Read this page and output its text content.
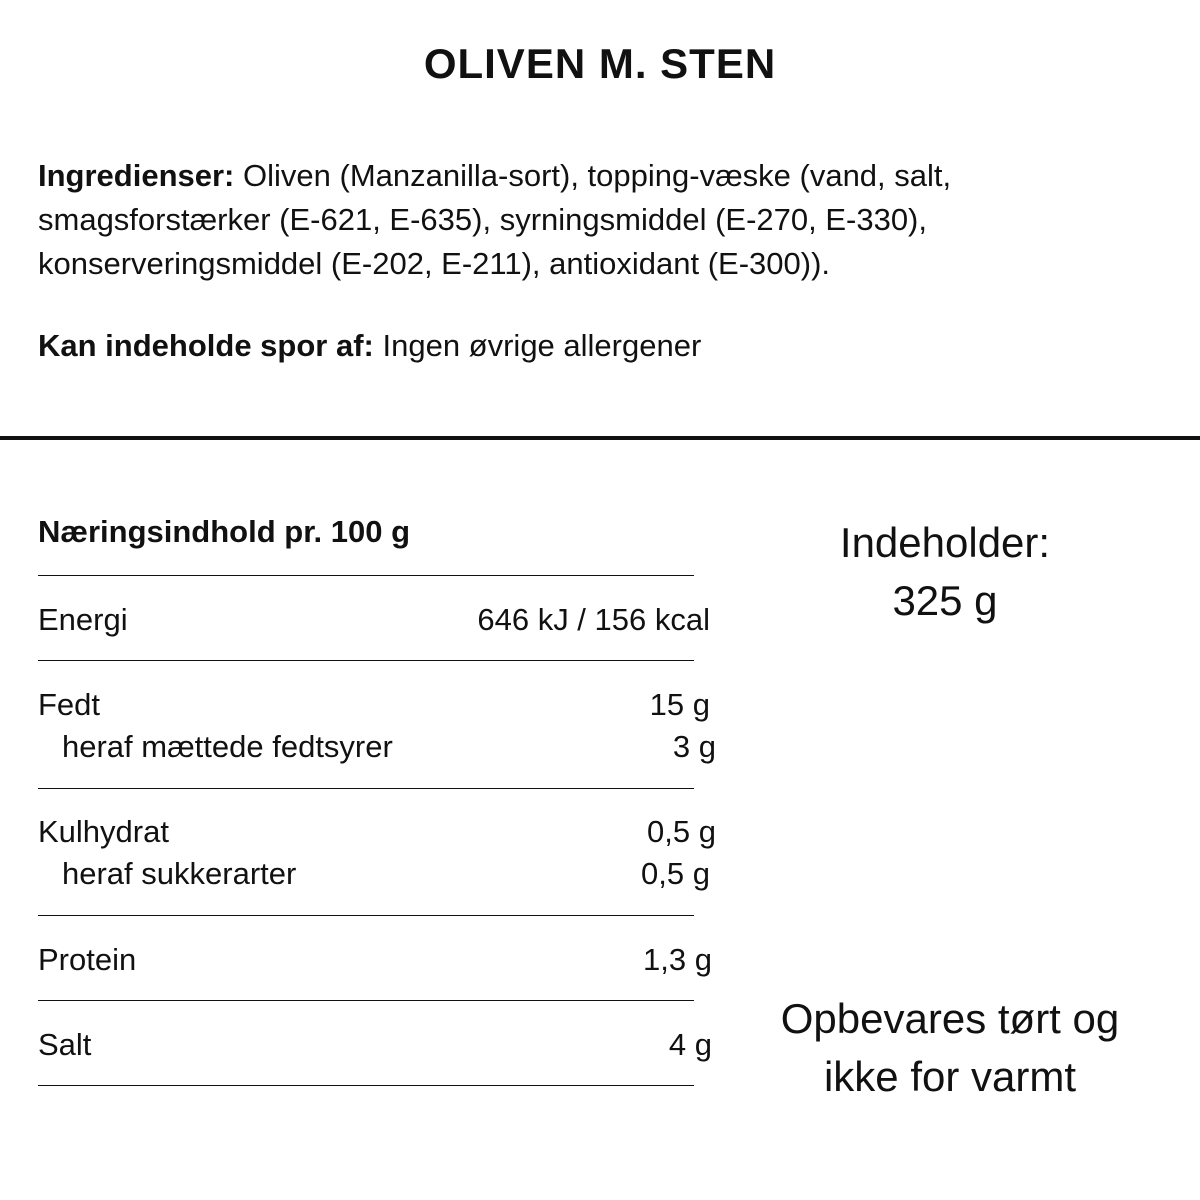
OLIVEN M. STEN
Ingredienser: Oliven (Manzanilla-sort), topping-væske (vand, salt, smagsforstærker (E-621, E-635), syrningsmiddel (E-270, E-330), konserveringsmiddel (E-202, E-211), antioxidant (E-300)).
Kan indeholde spor af: Ingen øvrige allergener
Næringsindhold pr. 100 g
Energi	646 kJ / 156 kcal
Fedt	15 g
heraf mættede fedtsyrer	3 g
Kulhydrat	0,5 g
heraf sukkerarter	0,5 g
Protein	1,3 g
Salt	4 g
Indeholder:
325 g
Opbevares tørt og
ikke for varmt
